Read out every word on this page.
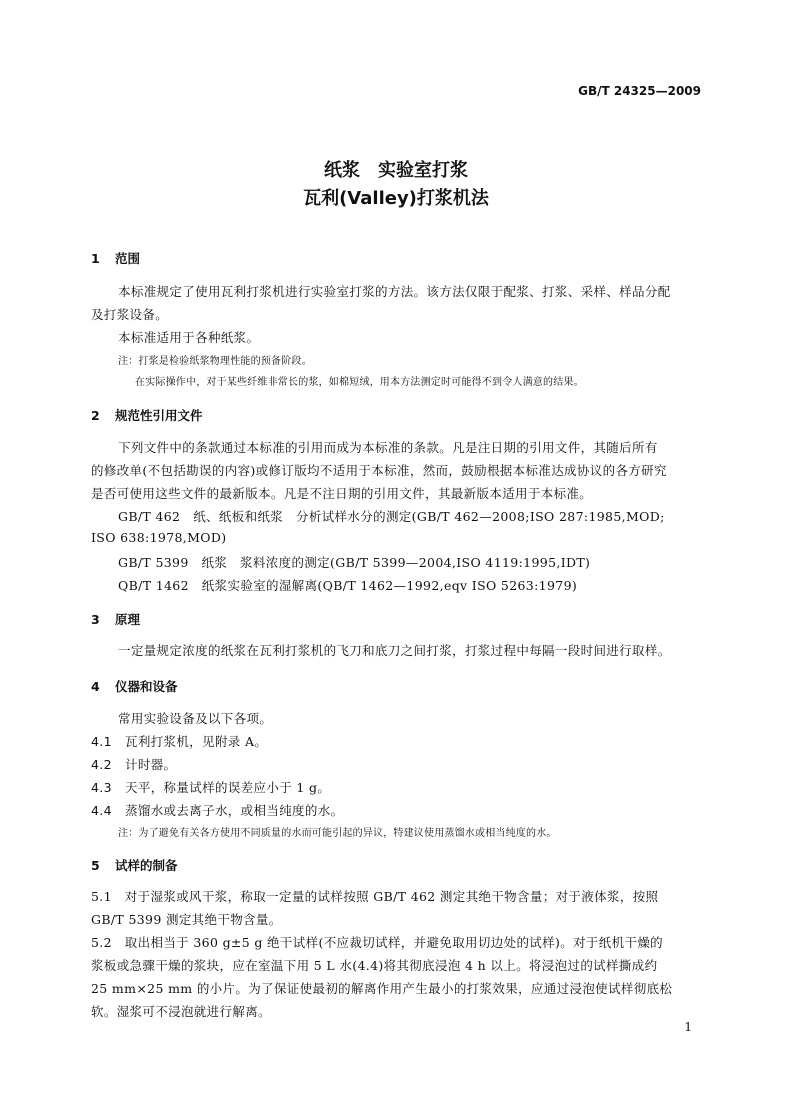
GB/T 24325—2009
纸浆　实验室打浆
瓦利(Valley)打浆机法
1 范围
本标准规定了使用瓦利打浆机进行实验室打浆的方法。该方法仅限于配浆、打浆、采样、样品分配
及打浆设备。
本标准适用于各种纸浆。
注：打浆是检验纸浆物理性能的预备阶段。
在实际操作中，对于某些纤维非常长的浆，如棉短绒，用本方法测定时可能得不到令人满意的结果。
2 规范性引用文件
下列文件中的条款通过本标准的引用而成为本标准的条款。凡是注日期的引用文件，其随后所有
的修改单(不包括勘误的内容)或修订版均不适用于本标准，然而，鼓励根据本标准达成协议的各方研究
是否可使用这些文件的最新版本。凡是不注日期的引用文件，其最新版本适用于本标准。
GB/T 462　纸、纸板和纸浆　分析试样水分的测定(GB/T 462—2008;ISO 287:1985,MOD;
ISO 638:1978,MOD)
GB/T 5399　纸浆　浆料浓度的测定(GB/T 5399—2004,ISO 4119:1995,IDT)
QB/T 1462　纸浆实验室的湿解离(QB/T 1462—1992,eqv ISO 5263:1979)
3 原理
一定量规定浓度的纸浆在瓦利打浆机的飞刀和底刀之间打浆，打浆过程中每隔一段时间进行取样。
4 仪器和设备
常用实验设备及以下各项。
4.1 瓦利打浆机，见附录 A。
4.2 计时器。
4.3 天平，称量试样的误差应小于 1 g。
4.4 蒸馏水或去离子水，或相当纯度的水。
注：为了避免有关各方使用不同质量的水而可能引起的异议，特建议使用蒸馏水或相当纯度的水。
5 试样的制备
5.1　对于湿浆或风干浆，称取一定量的试样按照 GB/T 462 测定其绝干物含量；对于液体浆，按照
GB/T 5399 测定其绝干物含量。
5.2　取出相当于 360 g±5 g 绝干试样(不应裁切试样，并避免取用切边处的试样)。对于纸机干燥的
浆板或急骤干燥的浆块，应在室温下用 5 L 水(4.4)将其彻底浸泡 4 h 以上。将浸泡过的试样撕成约
25 mm×25 mm 的小片。为了保证使最初的解离作用产生最小的打浆效果，应通过浸泡使试样彻底松
软。湿浆可不浸泡就进行解离。
1
